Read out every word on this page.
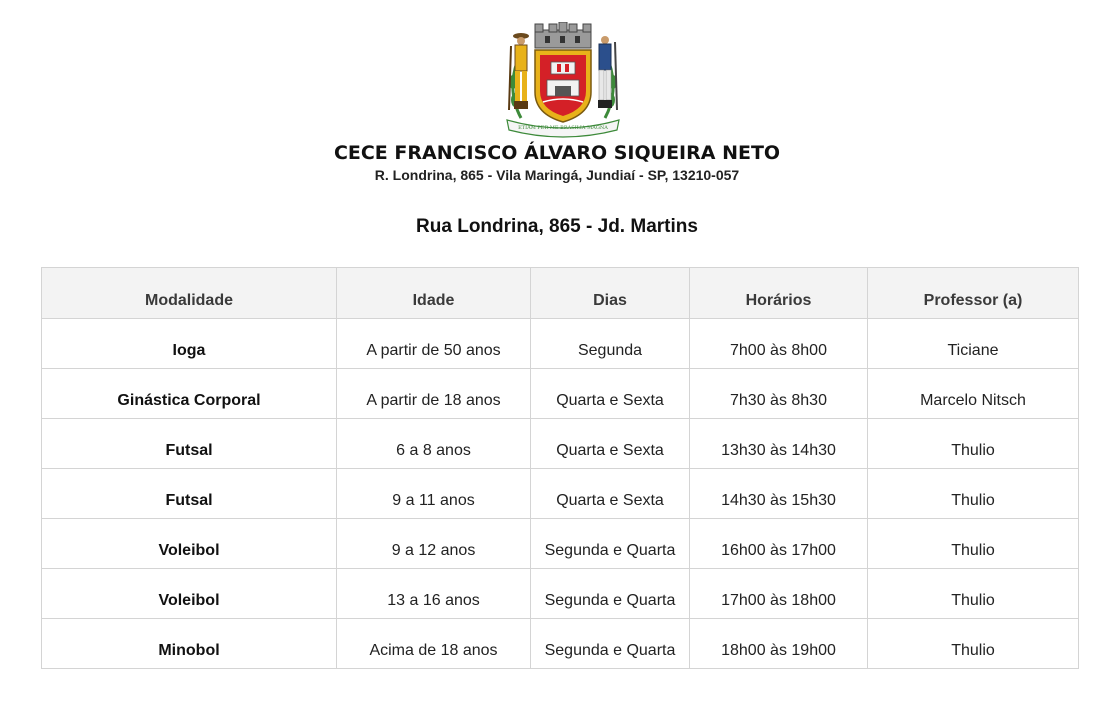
ETIAM PER ME BRASILIA MAGNA
CECE FRANCISCO ÁLVARO SIQUEIRA NETO
R. Londrina, 865 - Vila Maringá, Jundiaí - SP, 13210-057
Rua Londrina, 865 - Jd. Martins
Modalidade	Idade	Dias	Horários	Professor (a)
Ioga	A partir de 50 anos	Segunda	7h00 às 8h00	Ticiane
Ginástica Corporal	A partir de 18 anos	Quarta e Sexta	7h30 às 8h30	Marcelo Nitsch
Futsal	6 a 8 anos	Quarta e Sexta	13h30 às 14h30	Thulio
Futsal	9 a 11 anos	Quarta e Sexta	14h30 às 15h30	Thulio
Voleibol	9 a 12 anos	Segunda e Quarta	16h00 às 17h00	Thulio
Voleibol	13 a 16 anos	Segunda e Quarta	17h00 às 18h00	Thulio
Minobol	Acima de 18 anos	Segunda e Quarta	18h00 às 19h00	Thulio
